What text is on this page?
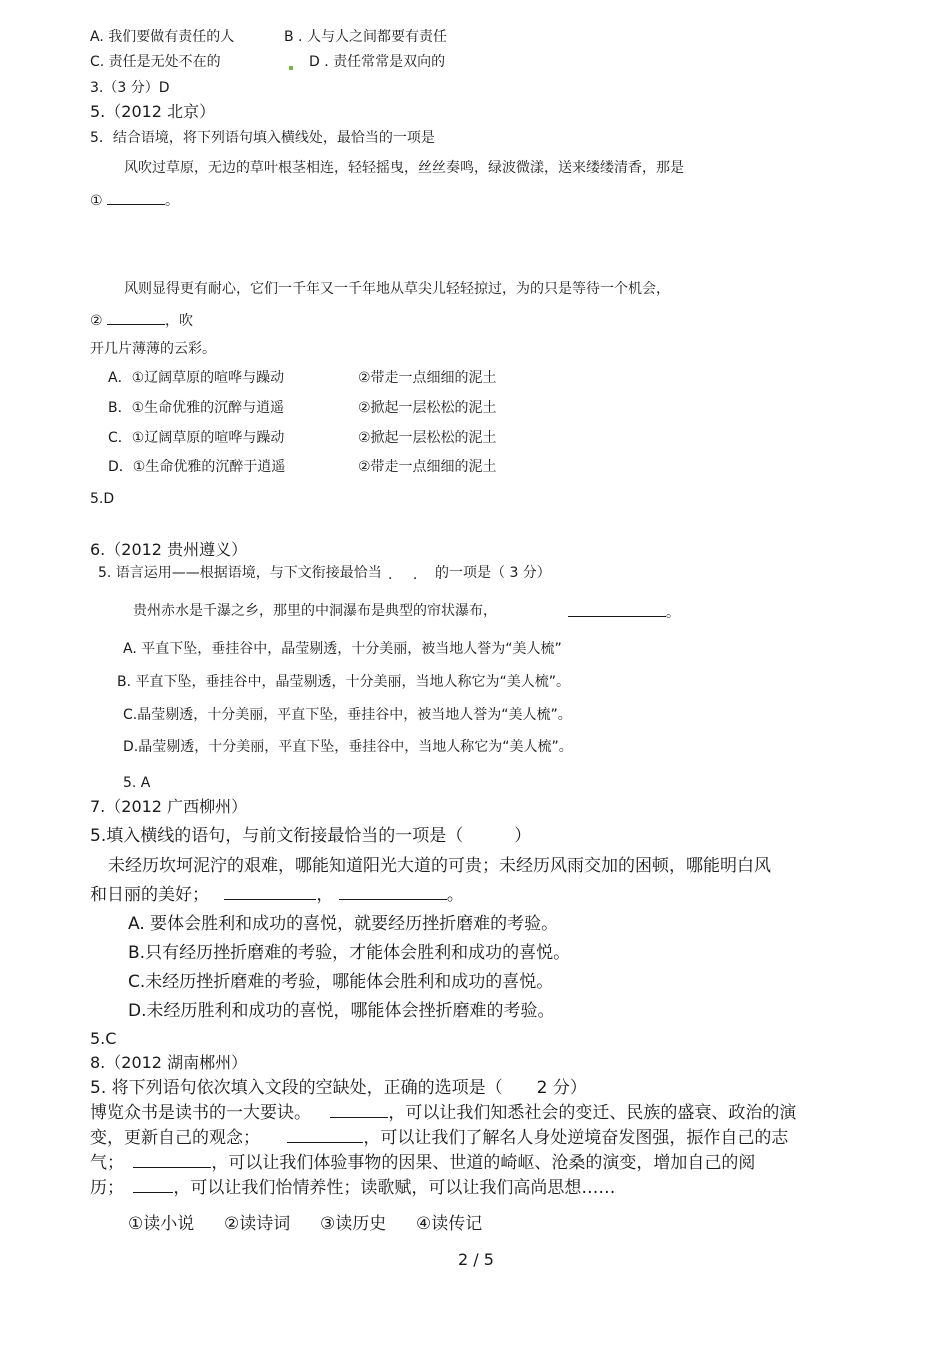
A. 我们要做有责任的人	B . 人与人之间都要有责任
C. 责任是无处不在的	D . 责任常常是双向的
3.（3 分）D
5.（2012 北京）
5．结合语境，将下列语句填入横线处，最恰当的一项是
风吹过草原，无边的草叶根茎相连，轻轻摇曳，丝丝奏鸣，绿波微漾，送来缕缕清香，那是
①	。
风则显得更有耐心，它们一千年又一千年地从草尖儿轻轻掠过，为的只是等待一个机会，
②	，吹
开几片薄薄的云彩。
A．①辽阔草原的喧哗与躁动	②带走一点细细的泥土
B．①生命优雅的沉醉与逍遥	②掀起一层松松的泥土
C．①辽阔草原的喧哗与躁动	②掀起一层松松的泥土
D．①生命优雅的沉醉于逍遥	②带走一点细细的泥土
5.D
6.（2012 贵州遵义）
5. 语言运用——根据语境，与下文衔接最恰当 · · ·
的一项是（ 3 分）
贵州赤水是千瀑之乡，那里的中洞瀑布是典型的帘状瀑布，	。
A. 平直下坠，垂挂谷中，晶莹剔透，十分美丽，被当地人誉为“美人梳”
B. 平直下坠，垂挂谷中，晶莹剔透，十分美丽，当地人称它为“美人梳”。
C.晶莹剔透，十分美丽，平直下坠，垂挂谷中，被当地人誉为“美人梳”。
D.晶莹剔透，十分美丽，平直下坠，垂挂谷中，当地人称它为“美人梳”。
5. A
7.（2012 广西柳州）
5.填入横线的语句，与前文衔接最恰当的一项是（　　　）
未经历坎坷泥泞的艰难，哪能知道阳光大道的可贵；未经历风雨交加的困顿，哪能明白风
和日丽的美好；	，	。
A. 要体会胜利和成功的喜悦，就要经历挫折磨难的考验。
B.只有经历挫折磨难的考验，才能体会胜利和成功的喜悦。
C.未经历挫折磨难的考验，哪能体会胜利和成功的喜悦。
D.未经历胜利和成功的喜悦，哪能体会挫折磨难的考验。
5.C
8.（2012 湖南郴州）
5. 将下列语句依次填入文段的空缺处，正确的选项是（　　2 分）
博览众书是读书的一大要诀。	，可以让我们知悉社会的变迁、民族的盛衰、政治的演
变，更新自己的观念；	，可以让我们了解名人身处逆境奋发图强，振作自己的志
气；	，可以让我们体验事物的因果、世道的崎岖、沧桑的演变，增加自己的阅
历；	，可以让我们怡情养性；读歌赋，可以让我们高尚思想……
①读小说 ②读诗词 ③读历史 ④读传记
2 / 5
